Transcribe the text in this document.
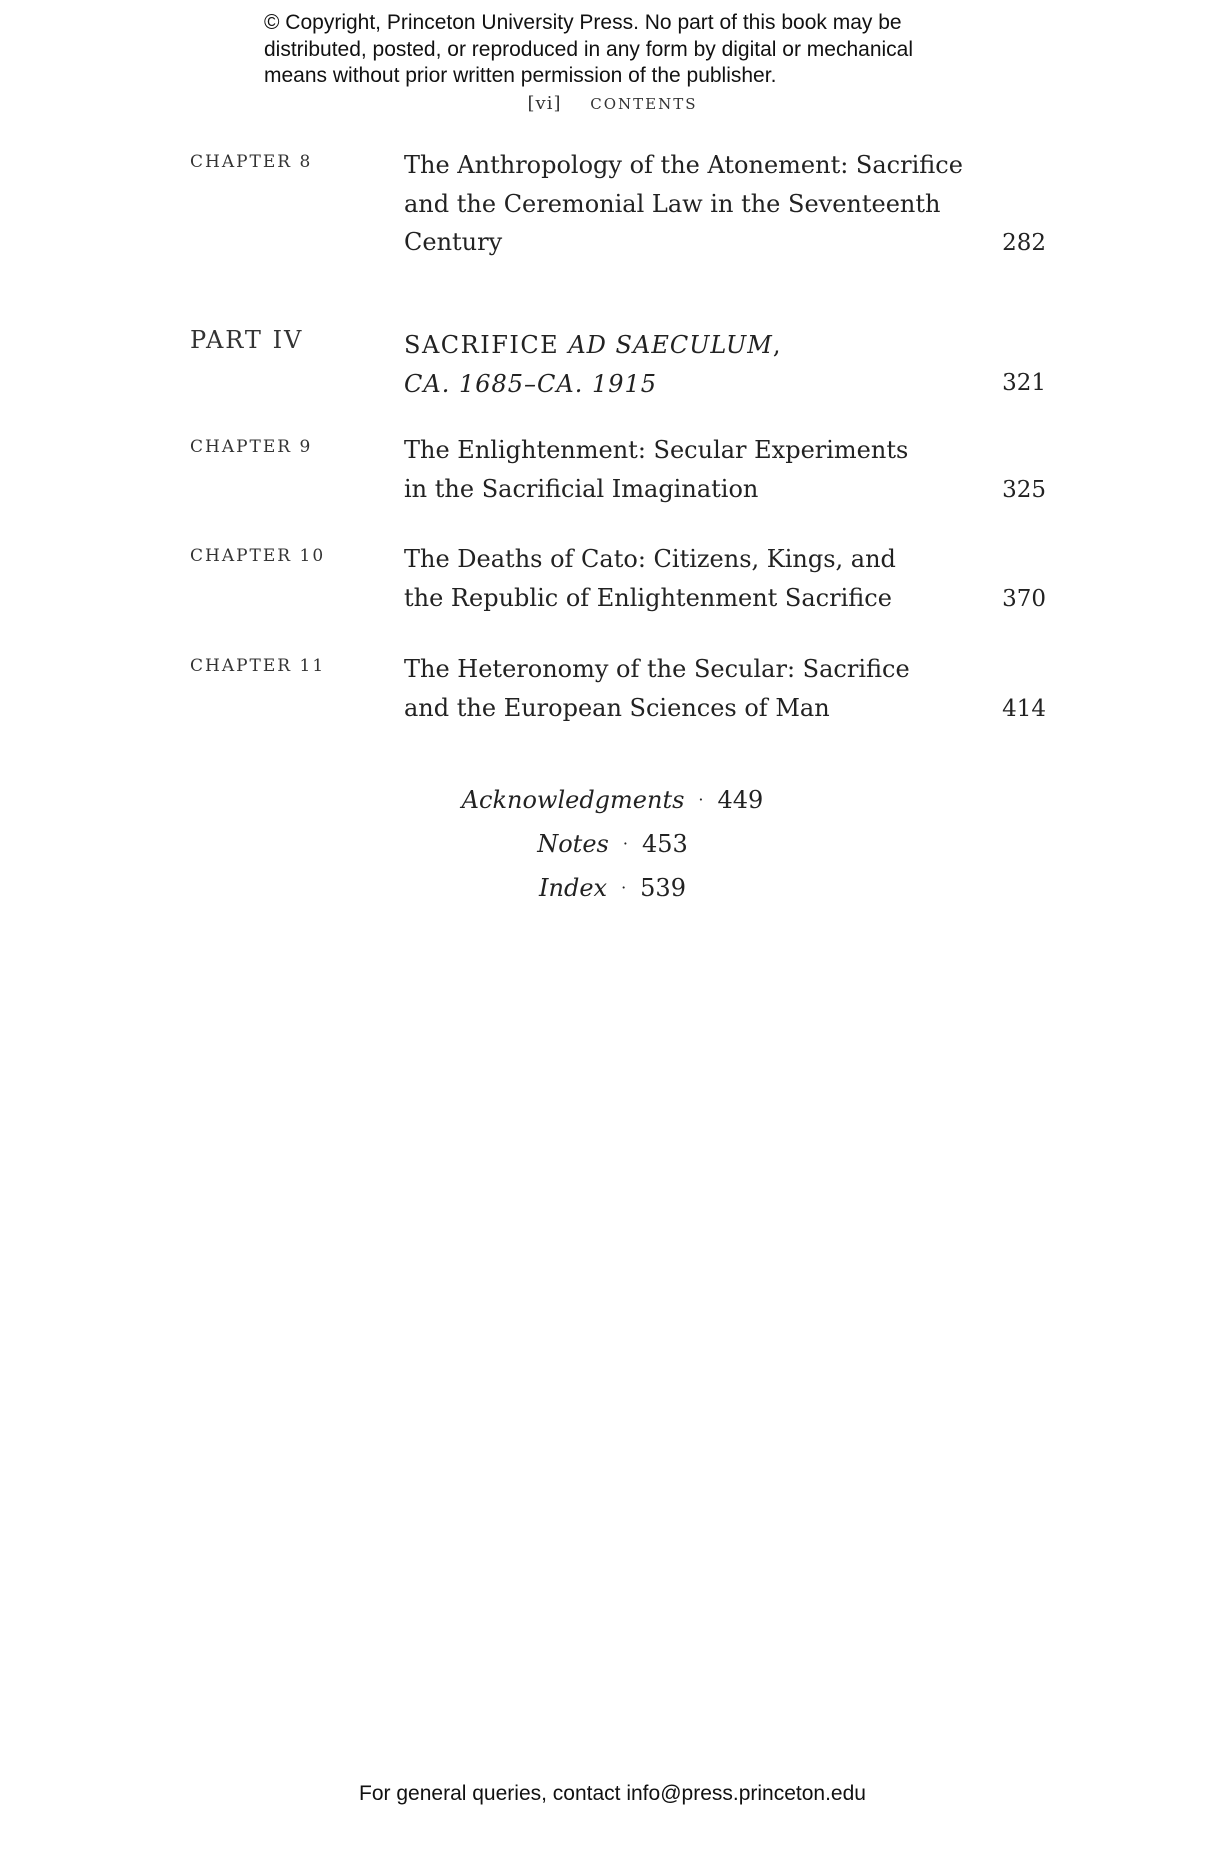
© Copyright, Princeton University Press. No part of this book may be
distributed, posted, or reproduced in any form by digital or mechanical
means without prior written permission of the publisher.
[vi] CONTENTS
CHAPTER 8	The Anthropology of the Atonement: Sacrifice
and the Ceremonial Law in the Seventeenth
Century	282
PART IV	SACRIFICE AD SAECULUM,
CA. 1685–CA. 1915	321
CHAPTER 9	The Enlightenment: Secular Experiments
in the Sacrificial Imagination	325
CHAPTER 10	The Deaths of Cato: Citizens, Kings, and
the Republic of Enlightenment Sacrifice	370
CHAPTER 11	The Heteronomy of the Secular: Sacrifice
and the European Sciences of Man	414
Acknowledgments · 449
Notes · 453
Index · 539
For general queries, contact info@press.princeton.edu
